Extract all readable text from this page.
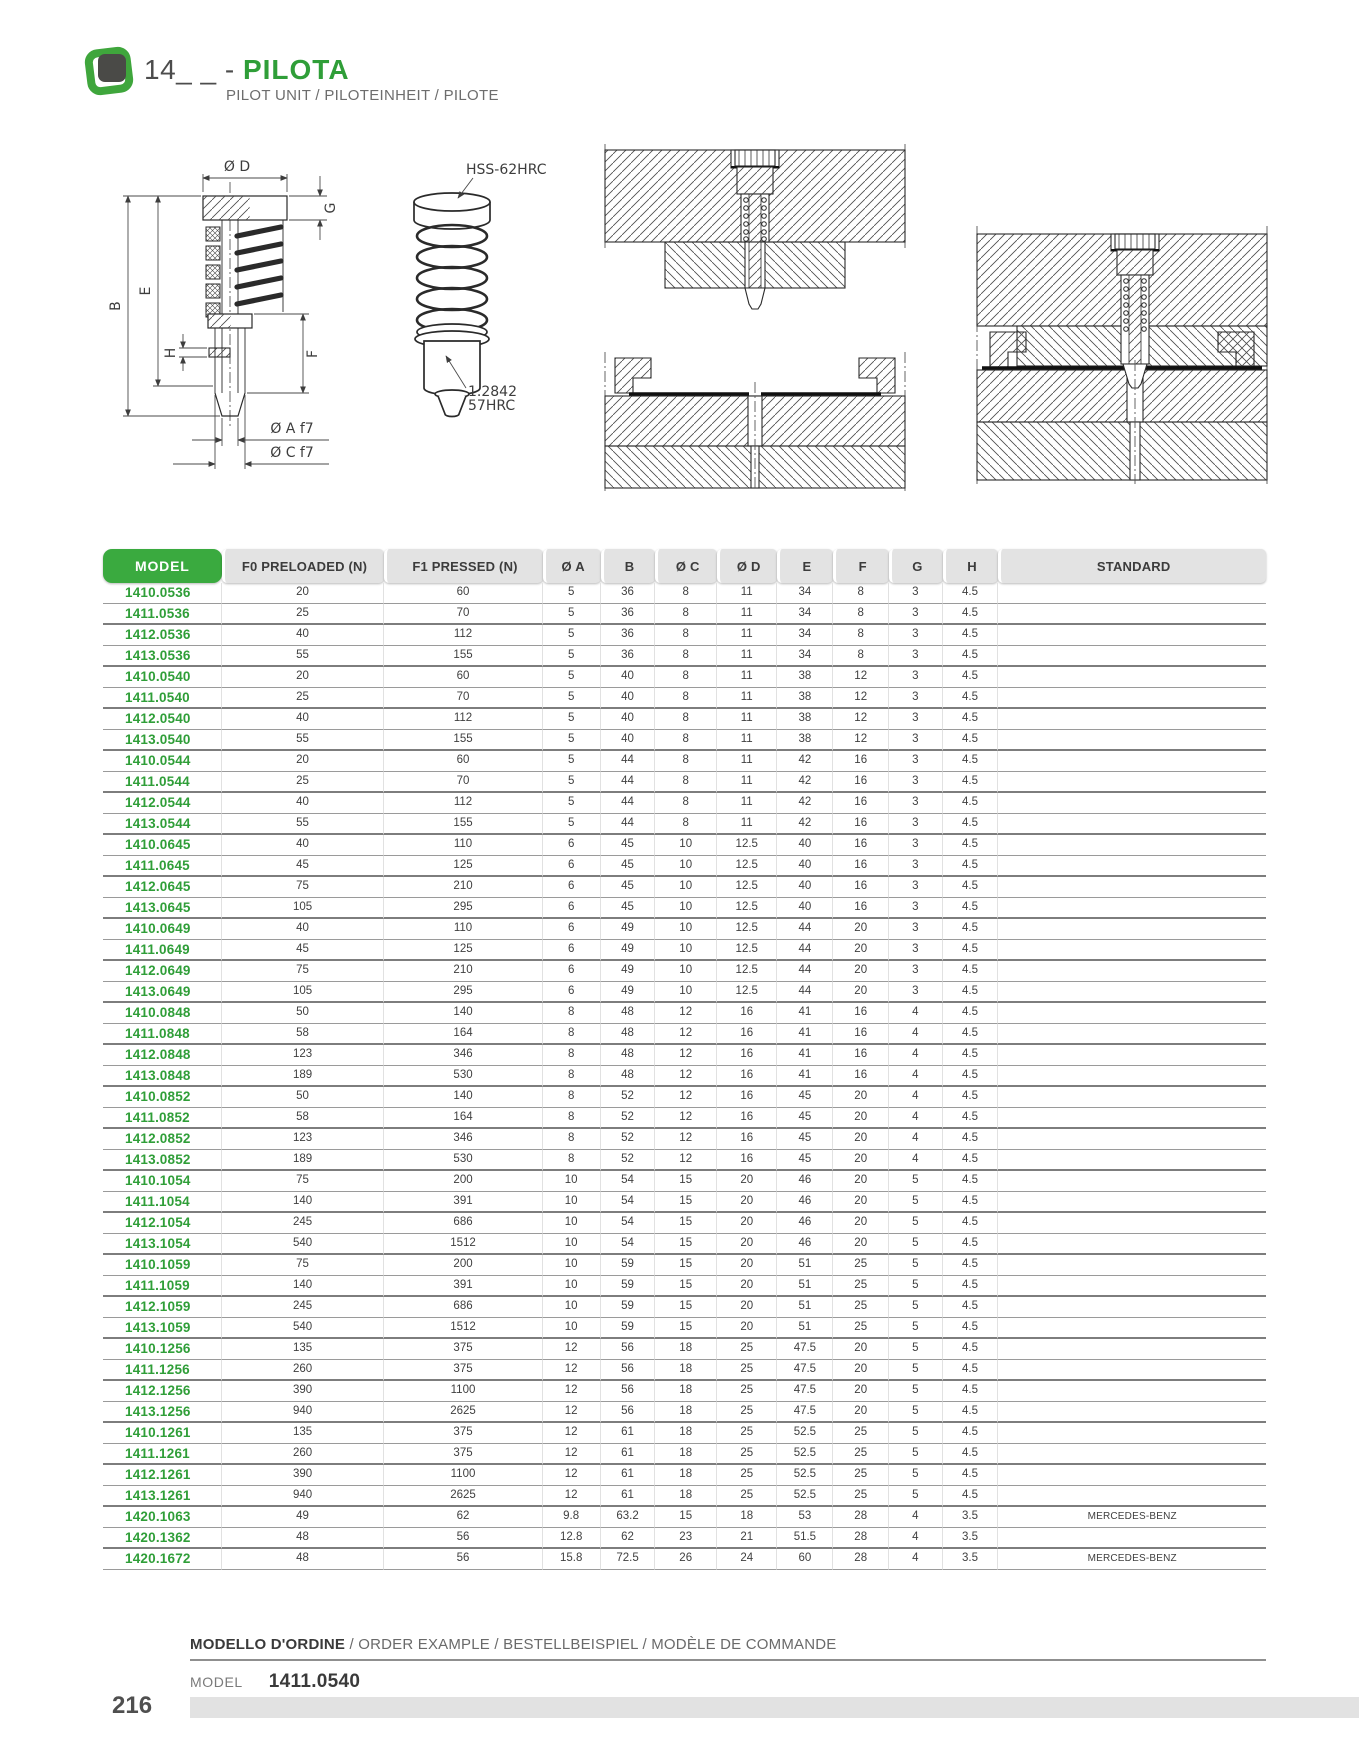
14_ _ - PILOTA
PILOT UNIT / PILOTEINHEIT / PILOTE
Ø D
G
B
E
H	F
Ø A f7
Ø C f7
HSS-62HRC
1.2842
57HRC
MODEL	F0 PRELOADED (N)	F1 PRESSED (N)	Ø A	B	Ø C	Ø D	E	F	G	H	STANDARD
1410.0536	20	60	5	36	8	11	34	8	3	4.5	
1411.0536	25	70	5	36	8	11	34	8	3	4.5	
1412.0536	40	112	5	36	8	11	34	8	3	4.5	
1413.0536	55	155	5	36	8	11	34	8	3	4.5	
1410.0540	20	60	5	40	8	11	38	12	3	4.5	
1411.0540	25	70	5	40	8	11	38	12	3	4.5	
1412.0540	40	112	5	40	8	11	38	12	3	4.5	
1413.0540	55	155	5	40	8	11	38	12	3	4.5	
1410.0544	20	60	5	44	8	11	42	16	3	4.5	
1411.0544	25	70	5	44	8	11	42	16	3	4.5	
1412.0544	40	112	5	44	8	11	42	16	3	4.5	
1413.0544	55	155	5	44	8	11	42	16	3	4.5	
1410.0645	40	110	6	45	10	12.5	40	16	3	4.5	
1411.0645	45	125	6	45	10	12.5	40	16	3	4.5	
1412.0645	75	210	6	45	10	12.5	40	16	3	4.5	
1413.0645	105	295	6	45	10	12.5	40	16	3	4.5	
1410.0649	40	110	6	49	10	12.5	44	20	3	4.5	
1411.0649	45	125	6	49	10	12.5	44	20	3	4.5	
1412.0649	75	210	6	49	10	12.5	44	20	3	4.5	
1413.0649	105	295	6	49	10	12.5	44	20	3	4.5	
1410.0848	50	140	8	48	12	16	41	16	4	4.5	
1411.0848	58	164	8	48	12	16	41	16	4	4.5	
1412.0848	123	346	8	48	12	16	41	16	4	4.5	
1413.0848	189	530	8	48	12	16	41	16	4	4.5	
1410.0852	50	140	8	52	12	16	45	20	4	4.5	
1411.0852	58	164	8	52	12	16	45	20	4	4.5	
1412.0852	123	346	8	52	12	16	45	20	4	4.5	
1413.0852	189	530	8	52	12	16	45	20	4	4.5	
1410.1054	75	200	10	54	15	20	46	20	5	4.5	
1411.1054	140	391	10	54	15	20	46	20	5	4.5	
1412.1054	245	686	10	54	15	20	46	20	5	4.5	
1413.1054	540	1512	10	54	15	20	46	20	5	4.5	
1410.1059	75	200	10	59	15	20	51	25	5	4.5	
1411.1059	140	391	10	59	15	20	51	25	5	4.5	
1412.1059	245	686	10	59	15	20	51	25	5	4.5	
1413.1059	540	1512	10	59	15	20	51	25	5	4.5	
1410.1256	135	375	12	56	18	25	47.5	20	5	4.5	
1411.1256	260	375	12	56	18	25	47.5	20	5	4.5	
1412.1256	390	1100	12	56	18	25	47.5	20	5	4.5	
1413.1256	940	2625	12	56	18	25	47.5	20	5	4.5	
1410.1261	135	375	12	61	18	25	52.5	25	5	4.5	
1411.1261	260	375	12	61	18	25	52.5	25	5	4.5	
1412.1261	390	1100	12	61	18	25	52.5	25	5	4.5	
1413.1261	940	2625	12	61	18	25	52.5	25	5	4.5	
1420.1063	49	62	9.8	63.2	15	18	53	28	4	3.5	MERCEDES-BENZ
1420.1362	48	56	12.8	62	23	21	51.5	28	4	3.5	
1420.1672	48	56	15.8	72.5	26	24	60	28	4	3.5	MERCEDES-BENZ
MODELLO D'ORDINE / ORDER EXAMPLE / BESTELLBEISPIEL / MODÈLE DE COMMANDE
MODEL 1411.0540
216
